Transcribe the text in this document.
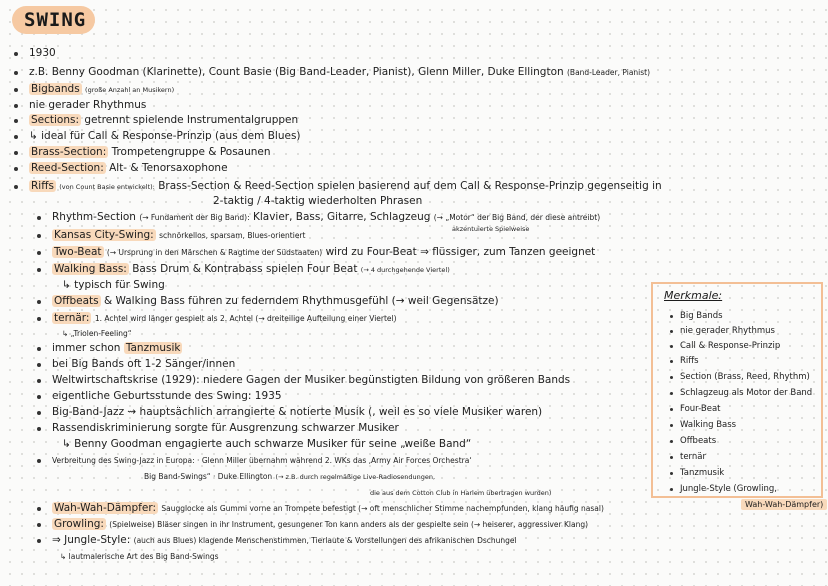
SWING
1930
z.B. Benny Goodman (Klarinette), Count Basie (Big Band-Leader, Pianist), Glenn Miller, Duke Ellington (Band-Leader, Pianist)
Bigbands (große Anzahl an Musikern)
nie gerader Rhythmus
Sections: getrennt spielende Instrumentalgruppen
↳ ideal für Call & Response-Prinzip (aus dem Blues)
Brass-Section: Trompetengruppe & Posaunen
Reed-Section: Alt- & Tenorsaxophone
Riffs (von Count Basie entwickelt): Brass-Section & Reed-Section spielen basierend auf dem Call & Response-Prinzip gegenseitig in
2-taktig / 4-taktig wiederholten Phrasen
Rhythm-Section (→ Fundament der Big Band): Klavier, Bass, Gitarre, Schlagzeug (→ „Motor“ der Big Band, der diese antreibt)
akzentuierte Spielweise
Kansas City-Swing: schnörkellos, sparsam, Blues-orientiert
Two-Beat (→ Ursprung in den Märschen & Ragtime der Südstaaten) wird zu Four-Beat ⇒ flüssiger, zum Tanzen geeignet
Walking Bass: Bass Drum & Kontrabass spielen Four Beat (→ 4 durchgehende Viertel)
↳ typisch für Swing
Offbeats & Walking Bass führen zu federndem Rhythmusgefühl (→ weil Gegensätze)
ternär: 1. Achtel wird länger gespielt als 2. Achtel (→ dreiteilige Aufteilung einer Viertel)
↳ „Triolen-Feeling“
immer schon Tanzmusik
bei Big Bands oft 1-2 Sänger/innen
Weltwirtschaftskrise (1929): niedere Gagen der Musiker begünstigten Bildung von größeren Bands
eigentliche Geburtsstunde des Swing: 1935
Big-Band-Jazz ⇝ hauptsächlich arrangierte & notierte Musik (, weil es so viele Musiker waren)
Rassendiskriminierung sorgte für Ausgrenzung schwarzer Musiker
↳ Benny Goodman engagierte auch schwarze Musiker für seine „weiße Band“
Verbreitung des Swing-Jazz in Europa: · Glenn Miller übernahm während 2. WKs das ‚Army Air Forces Orchestra‘
Big Band-Swings“ · Duke Ellington (→ z.B. durch regelmäßige Live-Radiosendungen,
die aus dem Cotton Club in Harlem übertragen wurden)
Wah-Wah-Dämpfer: Saugglocke als Gummi vorne an Trompete befestigt (→ oft menschlicher Stimme nachempfunden, klang häufig nasal)
Growling: (Spielweise) Bläser singen in ihr Instrument, gesungener Ton kann anders als der gespielte sein (→ heiserer, aggressiver Klang)
⇒ Jungle-Style: (auch aus Blues) klagende Menschenstimmen, Tierlaute & Vorstellungen des afrikanischen Dschungel
↳ lautmalerische Art des Big Band-Swings
Merkmale:
Big Bands
nie gerader Rhythmus
Call & Response-Prinzip
Riffs
Section (Brass, Reed, Rhythm)
Schlagzeug als Motor der Band
Four-Beat
Walking Bass
Offbeats
ternär
Tanzmusik
Jungle-Style (Growling,
Wah-Wah-Dämpfer)
